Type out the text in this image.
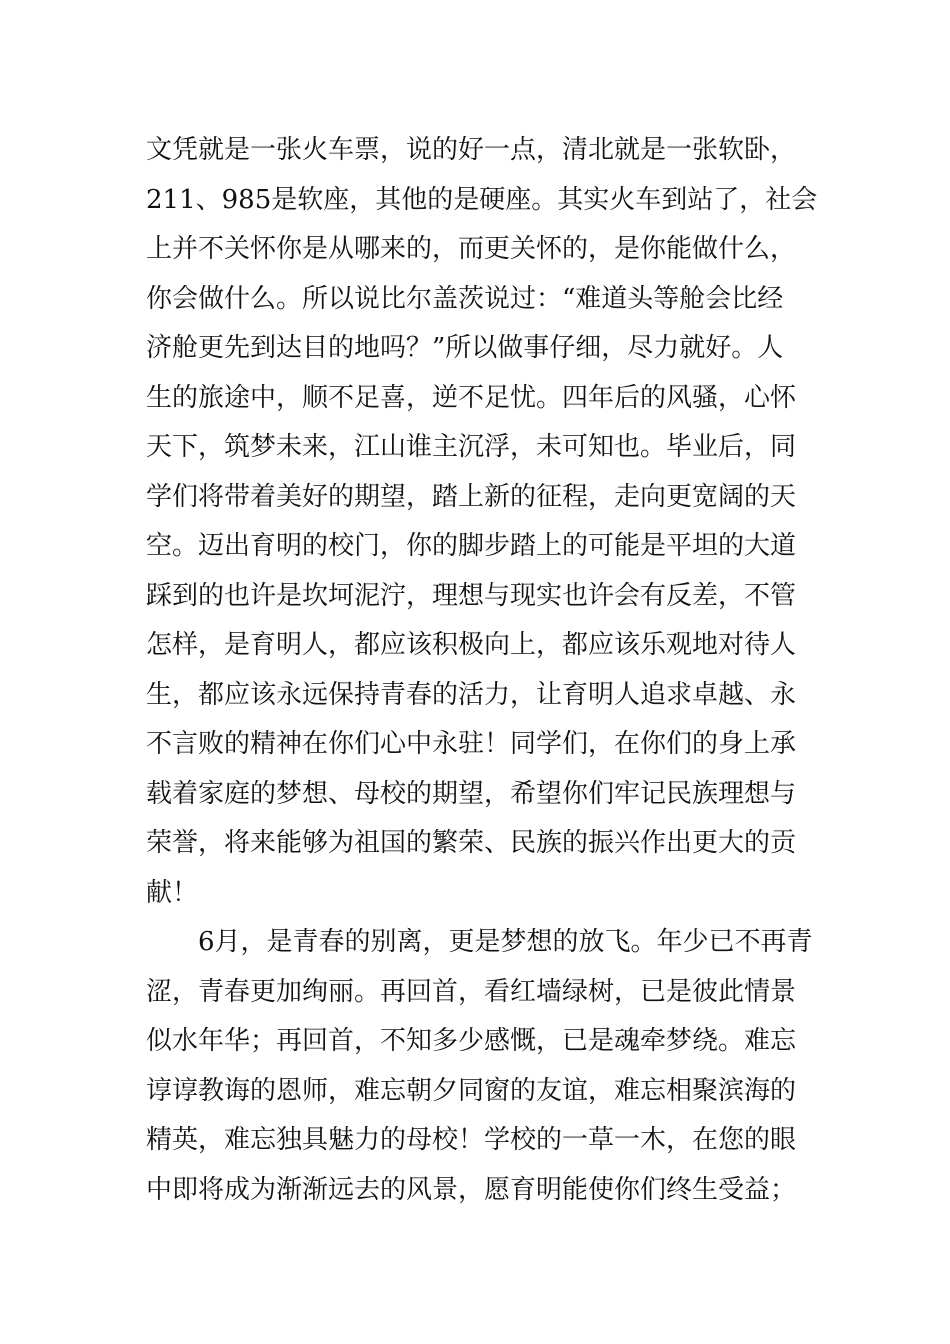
文凭就是一张火车票，说的好一点，清北就是一张软卧，
211、985是软座，其他的是硬座。其实火车到站了，社会
上并不关怀你是从哪来的，而更关怀的，是你能做什么，
你会做什么。所以说比尔盖茨说过：“难道头等舱会比经
济舱更先到达目的地吗？”所以做事仔细，尽力就好。人
生的旅途中，顺不足喜，逆不足忧。四年后的风骚，心怀
天下，筑梦未来，江山谁主沉浮，未可知也。毕业后，同
学们将带着美好的期望，踏上新的征程，走向更宽阔的天
空。迈出育明的校门，你的脚步踏上的可能是平坦的大道
踩到的也许是坎坷泥泞，理想与现实也许会有反差，不管
怎样，是育明人，都应该积极向上，都应该乐观地对待人
生，都应该永远保持青春的活力，让育明人追求卓越、永
不言败的精神在你们心中永驻！同学们，在你们的身上承
载着家庭的梦想、母校的期望，希望你们牢记民族理想与
荣誉，将来能够为祖国的繁荣、民族的振兴作出更大的贡
献！
6月，是青春的别离，更是梦想的放飞。年少已不再青
涩，青春更加绚丽。再回首，看红墙绿树，已是彼此情景
似水年华；再回首，不知多少感慨，已是魂牵梦绕。难忘
谆谆教诲的恩师，难忘朝夕同窗的友谊，难忘相聚滨海的
精英，难忘独具魅力的母校！学校的一草一木，在您的眼
中即将成为渐渐远去的风景，愿育明能使你们终生受益；
